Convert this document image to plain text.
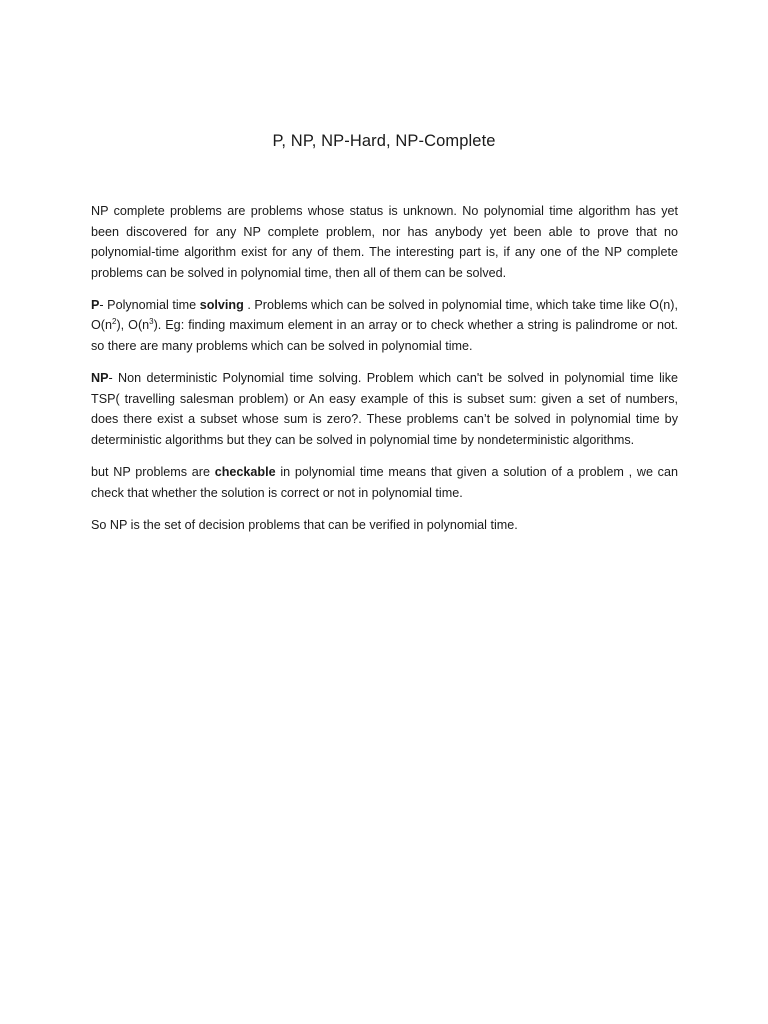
P, NP, NP-Hard, NP-Complete

NP complete problems are problems whose status is unknown. No polynomial time algorithm has yet been discovered for any NP complete problem, nor has anybody yet been able to prove that no polynomial-time algorithm exist for any of them. The interesting part is, if any one of the NP complete problems can be solved in polynomial time, then all of them can be solved.

P- Polynomial time solving . Problems which can be solved in polynomial time, which take time like O(n), $O(n^2)$, $O(n^3)$. Eg: finding maximum element in an array or to check whether a string is palindrome or not. so there are many problems which can be solved in polynomial time.

NP- Non deterministic Polynomial time solving. Problem which can't be solved in polynomial time like TSP( travelling salesman problem) or An easy example of this is subset sum: given a set of numbers, does there exist a subset whose sum is zero?. These problems can’t be solved in polynomial time by deterministic algorithms but they can be solved in polynomial time by nondeterministic algorithms.

but NP problems are checkable in polynomial time means that given a solution of a problem , we can check that whether the solution is correct or not in polynomial time.

So NP is the set of decision problems that can be verified in polynomial time.
